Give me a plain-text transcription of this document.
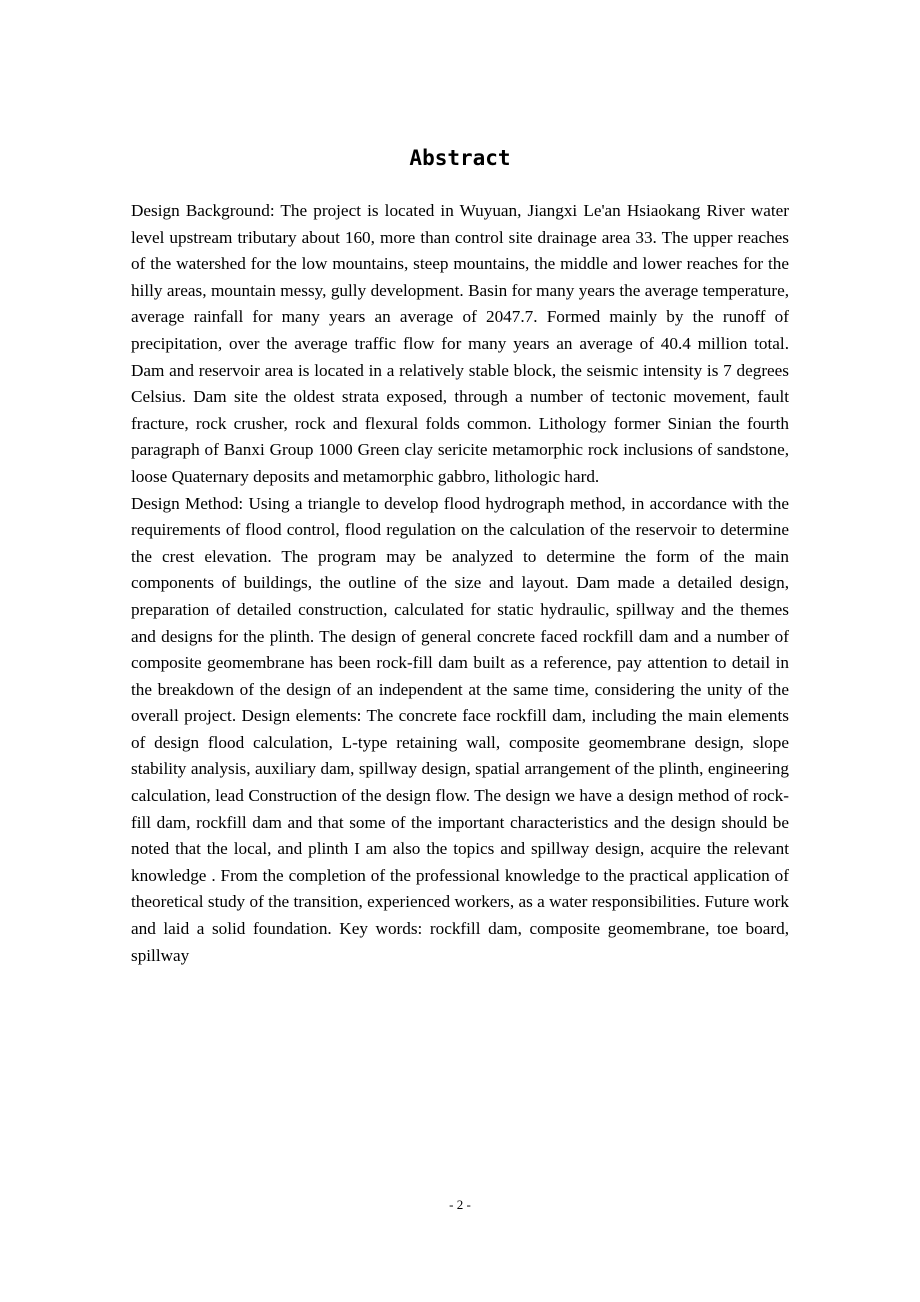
Abstract

Design Background: The project is located in Wuyuan, Jiangxi Le'an Hsiaokang River water level upstream tributary about 160, more than control site drainage area 33. The upper reaches of the watershed for the low mountains, steep mountains, the middle and lower reaches for the hilly areas, mountain messy, gully development. Basin for many years the average temperature, average rainfall for many years an average of 2047.7. Formed mainly by the runoff of precipitation, over the average traffic flow for many years an average of 40.4 million total. Dam and reservoir area is located in a relatively stable block, the seismic intensity is 7 degrees Celsius. Dam site the oldest strata exposed, through a number of tectonic movement, fault fracture, rock crusher, rock and flexural folds common. Lithology former Sinian the fourth paragraph of Banxi Group 1000 Green clay sericite metamorphic rock inclusions of sandstone, loose Quaternary deposits and metamorphic gabbro, lithologic hard.

Design Method: Using a triangle to develop flood hydrograph method, in accordance with the requirements of flood control, flood regulation on the calculation of the reservoir to determine the crest elevation. The program may be analyzed to determine the form of the main components of buildings, the outline of the size and layout. Dam made a detailed design, preparation of detailed construction, calculated for static hydraulic, spillway and the themes and designs for the plinth. The design of general concrete faced rockfill dam and a number of composite geomembrane has been rock-fill dam built as a reference, pay attention to detail in the breakdown of the design of an independent at the same time, considering the unity of the overall project. Design elements: The concrete face rockfill dam, including the main elements of design flood calculation, L-type retaining wall, composite geomembrane design, slope stability analysis, auxiliary dam, spillway design, spatial arrangement of the plinth, engineering calculation, lead Construction of the design flow. The design we have a design method of rock-fill dam, rockfill dam and that some of the important characteristics and the design should be noted that the local, and plinth I am also the topics and spillway design, acquire the relevant knowledge . From the completion of the professional knowledge to the practical application of theoretical study of the transition, experienced workers, as a water responsibilities. Future work and laid a solid foundation. Key words: rockfill dam, composite geomembrane, toe board, spillway

- 2 -
